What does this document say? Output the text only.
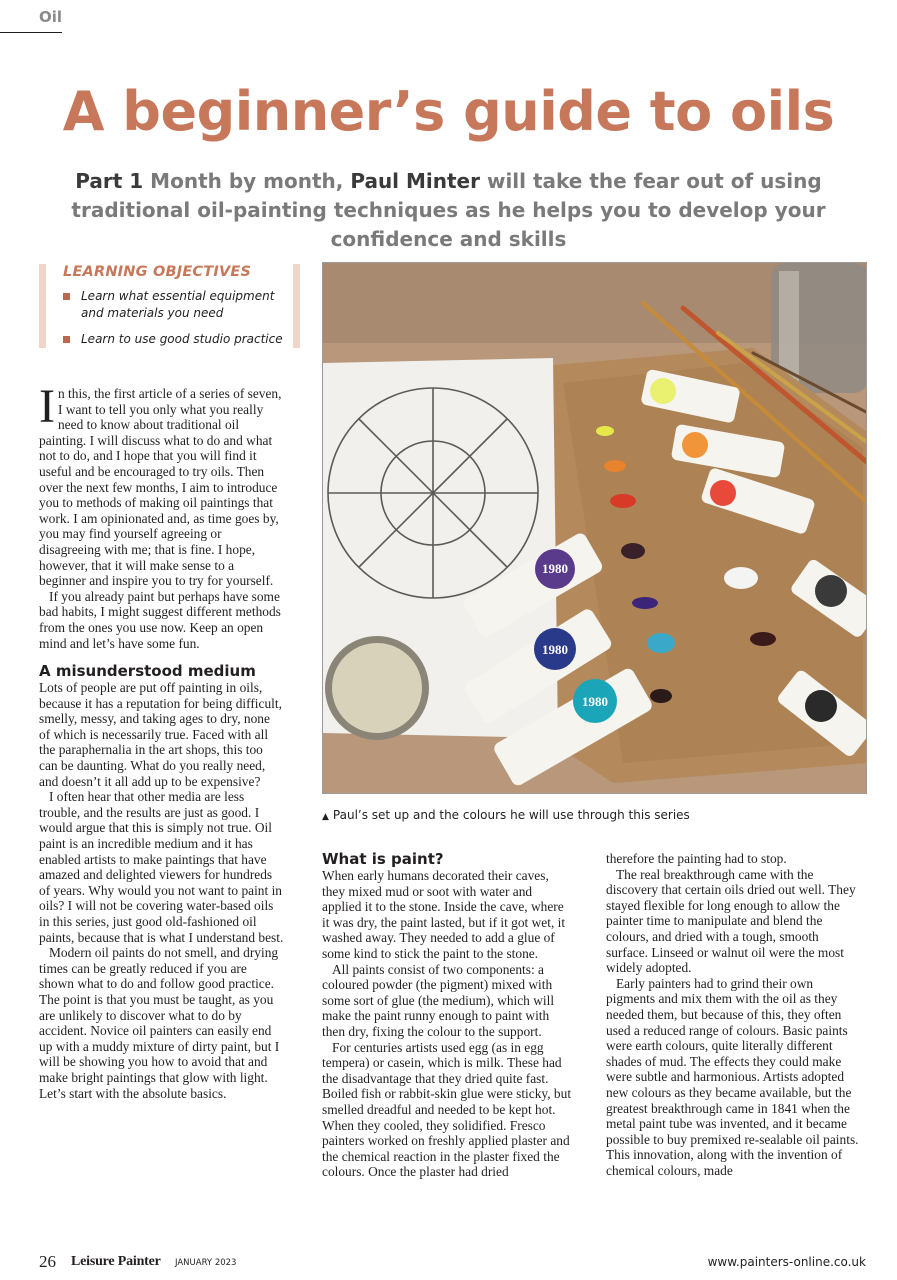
Oil
A beginner’s guide to oils

Part 1 Month by month, Paul Minter will take the fear out of using traditional oil-painting techniques as he helps you to develop your confidence and skills

LEARNING OBJECTIVES
Learn what essential equipment and materials you need
Learn to use good studio practice

In this, the first article of a series of seven, I want to tell you only what you really need to know about traditional oil painting. I will discuss what to do and what not to do, and I hope that you will find it useful and be encouraged to try oils. Then over the next few months, I aim to introduce you to methods of making oil paintings that work. I am opinionated and, as time goes by, you may find yourself agreeing or disagreeing with me; that is fine. I hope, however, that it will make sense to a beginner and inspire you to try for yourself.

If you already paint but perhaps have some bad habits, I might suggest different methods from the ones you use now. Keep an open mind and let’s have some fun.

A misunderstood medium

Lots of people are put off painting in oils, because it has a reputation for being difficult, smelly, messy, and taking ages to dry, none of which is necessarily true. Faced with all the paraphernalia in the art shops, this too can be daunting. What do you really need, and doesn’t it all add up to be expensive?

I often hear that other media are less trouble, and the results are just as good. I would argue that this is simply not true. Oil paint is an incredible medium and it has enabled artists to make paintings that have amazed and delighted viewers for hundreds of years. Why would you not want to paint in oils? I will not be covering water-based oils in this series, just good old-fashioned oil paints, because that is what I understand best.

Modern oil paints do not smell, and drying times can be greatly reduced if you are shown what to do and follow good practice. The point is that you must be taught, as you are unlikely to discover what to do by accident. Novice oil painters can easily end up with a muddy mixture of dirty paint, but I will be showing you how to avoid that and make bright paintings that glow with light. Let’s start with the absolute basics.

1980
1980
1980
▲ Paul’s set up and the colours he will use through this series
What is paint?

When early humans decorated their caves, they mixed mud or soot with water and applied it to the stone. Inside the cave, where it was dry, the paint lasted, but if it got wet, it washed away. They needed to add a glue of some kind to stick the paint to the stone.

All paints consist of two components: a coloured powder (the pigment) mixed with some sort of glue (the medium), which will make the paint runny enough to paint with then dry, fixing the colour to the support.

For centuries artists used egg (as in egg tempera) or casein, which is milk. These had the disadvantage that they dried quite fast. Boiled fish or rabbit-skin glue were sticky, but smelled dreadful and needed to be kept hot. When they cooled, they solidified. Fresco painters worked on freshly applied plaster and the chemical reaction in the plaster fixed the colours. Once the plaster had dried

therefore the painting had to stop.

The real breakthrough came with the discovery that certain oils dried out well. They stayed flexible for long enough to allow the painter time to manipulate and blend the colours, and dried with a tough, smooth surface. Linseed or walnut oil were the most widely adopted.

Early painters had to grind their own pigments and mix them with the oil as they needed them, but because of this, they often used a reduced range of colours. Basic paints were earth colours, quite literally different shades of mud. The effects they could make were subtle and harmonious. Artists adopted new colours as they became available, but the greatest breakthrough came in 1841 when the metal paint tube was invented, and it became possible to buy premixed re-sealable oil paints. This innovation, along with the invention of chemical colours, made

26 Leisure Painter JANUARY 2023	www.painters-online.co.uk
